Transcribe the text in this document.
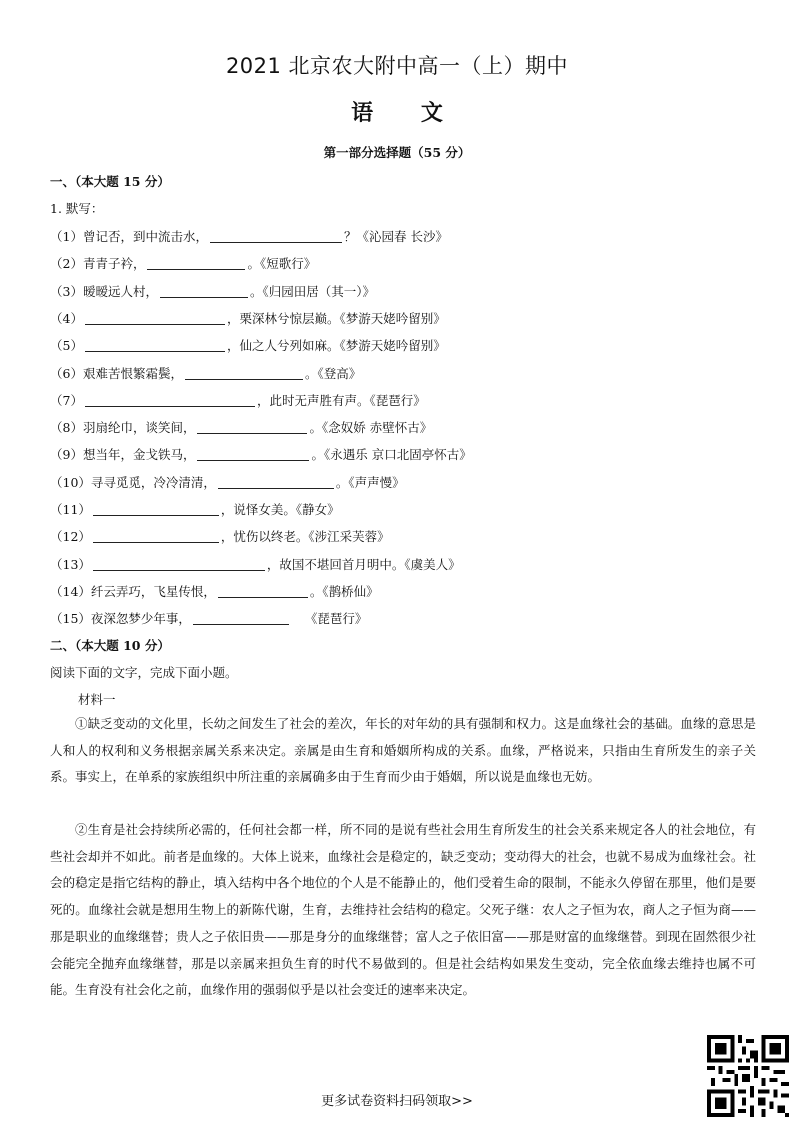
2021 北京农大附中高一（上）期中
语 文
第一部分选择题（55 分）
一、（本大题 15 分）
1. 默写：
（1）曾记否，到中流击水，	？《沁园春 长沙》
（2）青青子衿，	。《短歌行》
（3）暧暧远人村，	。《归园田居（其一）》
（4）	，栗深林兮惊层巅。《梦游天姥吟留别》
（5）	，仙之人兮列如麻。《梦游天姥吟留别》
（6）艰难苦恨繁霜鬓，	。《登高》
（7）	，此时无声胜有声。《琵琶行》
（8）羽扇纶巾，谈笑间，	。《念奴娇 赤壁怀古》
（9）想当年，金戈铁马，	。《永遇乐 京口北固亭怀古》
（10）寻寻觅觅，冷冷清清，	。《声声慢》
（11）	，说怿女美。《静女》
（12）	，忧伤以终老。《涉江采芙蓉》
（13）	，故国不堪回首月明中。《虞美人》
（14）纤云弄巧，飞星传恨，	。《鹊桥仙》
（15）夜深忽梦少年事，	《琵琶行》
二、（本大题 10 分）
阅读下面的文字，完成下面小题。
材料一

①缺乏变动的文化里，长幼之间发生了社会的差次，年长的对年幼的具有强制和权力。这是血缘社会的基础。血缘的意思是人和人的权利和义务根据亲属关系来决定。亲属是由生育和婚姻所构成的关系。血缘，严格说来，只指由生育所发生的亲子关系。事实上，在单系的家族组织中所注重的亲属确多由于生育而少由于婚姻，所以说是血缘也无妨。

②生育是社会持续所必需的，任何社会都一样，所不同的是说有些社会用生育所发生的社会关系来规定各人的社会地位，有些社会却并不如此。前者是血缘的。大体上说来，血缘社会是稳定的，缺乏变动；变动得大的社会，也就不易成为血缘社会。社会的稳定是指它结构的静止，填入结构中各个地位的个人是不能静止的，他们受着生命的限制，不能永久停留在那里，他们是要死的。血缘社会就是想用生物上的新陈代谢，生育，去维持社会结构的稳定。父死子继：农人之子恒为农，商人之子恒为商——那是职业的血缘继替；贵人之子依旧贵——那是身分的血缘继替；富人之子依旧富——那是财富的血缘继替。到现在固然很少社会能完全抛弃血缘继替，那是以亲属来担负生育的时代不易做到的。但是社会结构如果发生变动，完全依血缘去维持也属不可能。生育没有社会化之前，血缘作用的强弱似乎是以社会变迁的速率来决定。

更多试卷资料扫码领取>>
